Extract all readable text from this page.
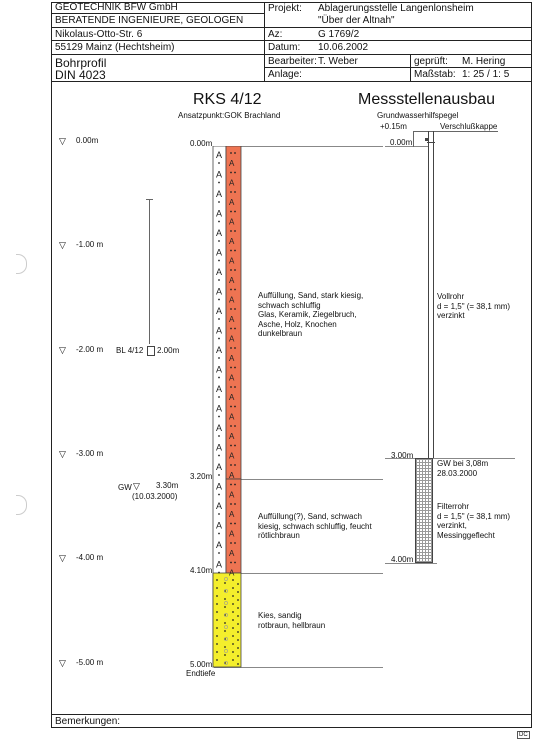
GEOTECHNIK BFW GmbH
BERATENDE INGENIEURE, GEOLOGEN
Nikolaus-Otto-Str. 6
55129 Mainz (Hechtsheim)
Bohrprofil
DIN 4023
Projekt: Ablagerungsstelle Langenlonsheim
"Über der Altnah"
Az:	G 1769/2
Datum: 10.06.2002
Bearbeiter: T. Weber	geprüft: M. Hering
Anlage:	Maßstab: 1: 25 / 1: 5
RKS 4/12
Ansatzpunkt:GOK Brachland
Messstellenausbau
Grundwasserhilfspegel
+0.15m	Verschlußkappe
▽ 0.00m
▽ -1.00 m
▽ -2.00 m
▽ -3.00 m
▽ -4.00 m
▽ -5.00 m
BL 4/12 2.00m
GW ▽ 3.30m
(10.03.2000)
0.00m
3.20m
4.10m
5.00m
Endtiefe
A
A
A
A
A
A
A
A
A
A
A
A
A
A
A
A
A
A
A
A
A
A
A
A
A
A
A
A
A
A
A
A
A
A
A
A
A
A
A
A
A
A
A
A
Auffüllung, Sand, stark kiesig,
schwach schluffig
Glas, Keramik, Ziegelbruch,
Asche, Holz, Knochen
dunkelbraun
Auffüllung(?), Sand, schwach
kiesig, schwach schluffig, feucht
rötlichbraun
Kies, sandig
rotbraun, hellbraun
0.00m
Vollrohr
d = 1,5" (= 38,1 mm)
verzinkt
3.00m
GW bei 3,08m
28.03.2000
Filterrohr
d = 1,5" (= 38,1 mm)
verzinkt,
Messinggeflecht
4.00m
Bemerkungen:
DC
